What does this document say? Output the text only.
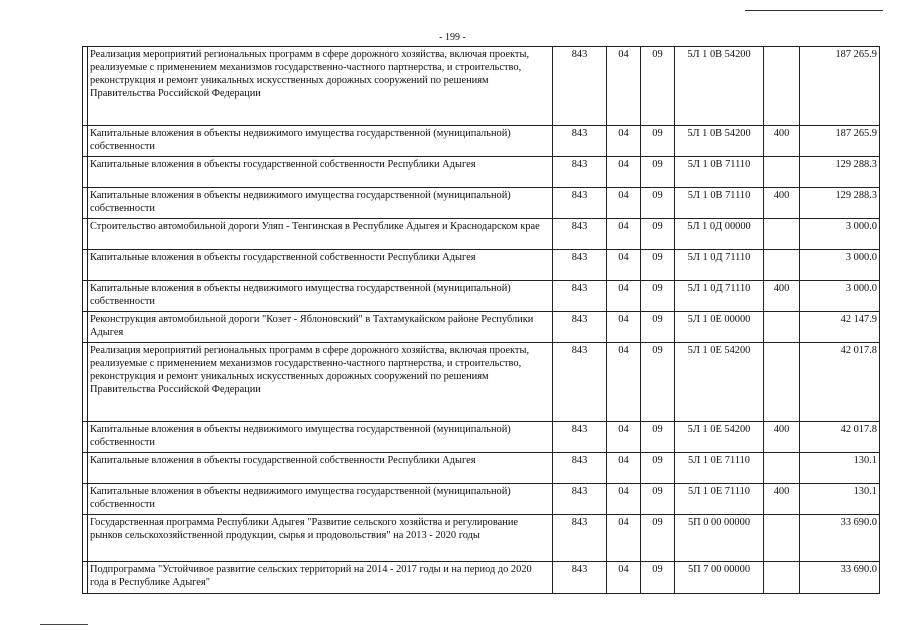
- 199 -
	Реализация мероприятий региональных программ в сфере дорожного хозяйства, включая проекты, реализуемые с применением механизмов государственно-частного партнерства, и строительство, реконструкция и ремонт уникальных искусственных дорожных сооружений по решениям Правительства Российской Федерации	843	04	09	5Л 1 0В 54200		187 265.9
	Капитальные вложения в объекты недвижимого имущества государственной (муниципальной) собственности	843	04	09	5Л 1 0В 54200	400	187 265.9
	Капитальные вложения в объекты государственной собственности Республики Адыгея	843	04	09	5Л 1 0В 71110		129 288.3
	Капитальные вложения в объекты недвижимого имущества государственной (муниципальной) собственности	843	04	09	5Л 1 0В 71110	400	129 288.3
	Строительство автомобильной дороги Уляп - Тенгинская в Республике Адыгея и Краснодарском крае	843	04	09	5Л 1 0Д 00000		3 000.0
	Капитальные вложения в объекты государственной собственности Республики Адыгея	843	04	09	5Л 1 0Д 71110		3 000.0
	Капитальные вложения в объекты недвижимого имущества государственной (муниципальной) собственности	843	04	09	5Л 1 0Д 71110	400	3 000.0
	Реконструкция автомобильной дороги "Козет - Яблоновский" в Тахтамукайском районе Республики Адыгея	843	04	09	5Л 1 0Е 00000		42 147.9
	Реализация мероприятий региональных программ в сфере дорожного хозяйства, включая проекты, реализуемые с применением механизмов государственно-частного партнерства, и строительство, реконструкция и ремонт уникальных искусственных дорожных сооружений по решениям Правительства Российской Федерации	843	04	09	5Л 1 0Е 54200		42 017.8
	Капитальные вложения в объекты недвижимого имущества государственной (муниципальной) собственности	843	04	09	5Л 1 0Е 54200	400	42 017.8
	Капитальные вложения в объекты государственной собственности Республики Адыгея	843	04	09	5Л 1 0Е 71110		130.1
	Капитальные вложения в объекты недвижимого имущества государственной (муниципальной) собственности	843	04	09	5Л 1 0Е 71110	400	130.1
	Государственная программа Республики Адыгея "Развитие сельского хозяйства и регулирование рынков сельскохозяйственной продукции, сырья и продовольствия" на 2013 - 2020 годы	843	04	09	5П 0 00 00000		33 690.0
	Подпрограмма "Устойчивое развитие сельских территорий на 2014 - 2017 годы и на период до 2020 года в Республике Адыгея"	843	04	09	5П 7 00 00000		33 690.0
